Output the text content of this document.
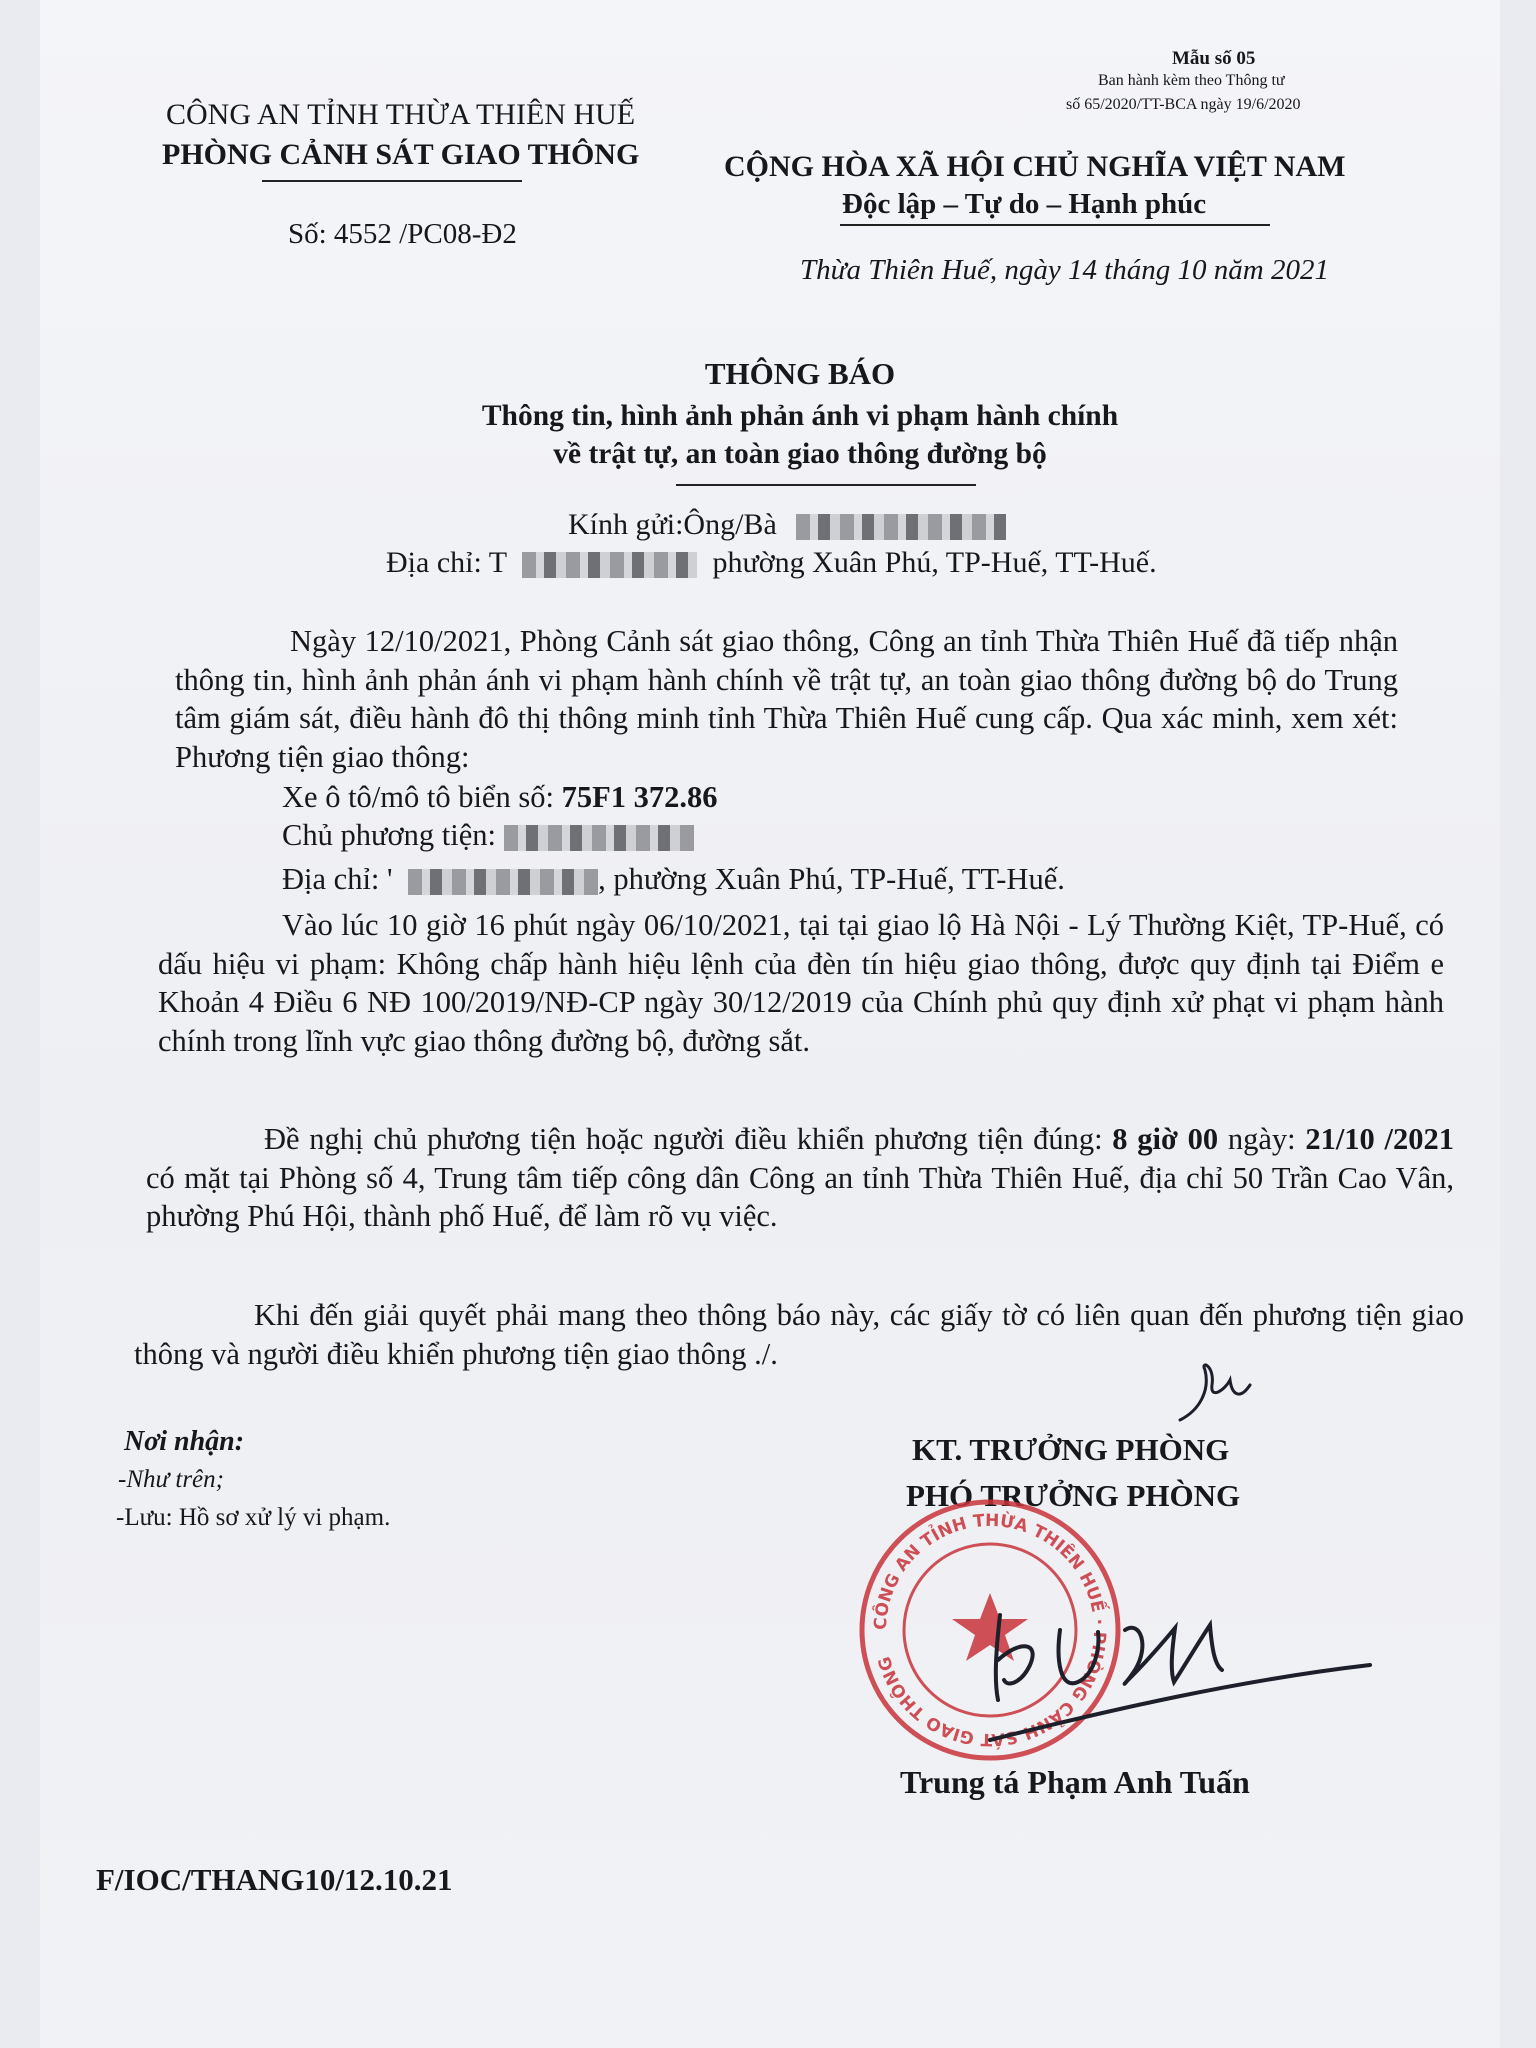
Mẫu số 05
Ban hành kèm theo Thông tư
số 65/2020/TT-BCA ngày 19/6/2020
CÔNG AN TỈNH THỪA THIÊN HUẾ
PHÒNG CẢNH SÁT GIAO THÔNG
Số: 4552 /PC08-Đ2
CỘNG HÒA XÃ HỘI CHỦ NGHĨA VIỆT NAM
Độc lập – Tự do – Hạnh phúc
Thừa Thiên Huế, ngày 14 tháng 10 năm 2021
THÔNG BÁO
Thông tin, hình ảnh phản ánh vi phạm hành chính
về trật tự, an toàn giao thông đường bộ
Kính gửi:Ông/Bà
Địa chỉ: T	phường Xuân Phú, TP-Huế, TT-Huế.

Ngày 12/10/2021, Phòng Cảnh sát giao thông, Công an tỉnh Thừa Thiên Huế đã tiếp nhận thông tin, hình ảnh phản ánh vi phạm hành chính về trật tự, an toàn giao thông đường bộ do Trung tâm giám sát, điều hành đô thị thông minh tỉnh Thừa Thiên Huế cung cấp. Qua xác minh, xem xét: Phương tiện giao thông:

Xe ô tô/mô tô biển số: 75F1 372.86
Chủ phương tiện:
Địa chỉ: '	, phường Xuân Phú, TP-Huế, TT-Huế.

Vào lúc 10 giờ 16 phút ngày 06/10/2021, tại tại giao lộ Hà Nội - Lý Thường Kiệt, TP-Huế, có dấu hiệu vi phạm: Không chấp hành hiệu lệnh của đèn tín hiệu giao thông, được quy định tại Điểm e Khoản 4 Điều 6 NĐ 100/2019/NĐ-CP ngày 30/12/2019 của Chính phủ quy định xử phạt vi phạm hành chính trong lĩnh vực giao thông đường bộ, đường sắt.

Đề nghị chủ phương tiện hoặc người điều khiển phương tiện đúng: 8 giờ 00 ngày: 21/10 /2021 có mặt tại Phòng số 4, Trung tâm tiếp công dân Công an tỉnh Thừa Thiên Huế, địa chỉ 50 Trần Cao Vân, phường Phú Hội, thành phố Huế, để làm rõ vụ việc.

Khi đến giải quyết phải mang theo thông báo này, các giấy tờ có liên quan đến phương tiện giao thông và người điều khiển phương tiện giao thông ./.

Nơi nhận:
-Như trên;
-Lưu: Hồ sơ xử lý vi phạm.
KT. TRƯỞNG PHÒNG
PHÓ TRƯỞNG PHÒNG
CÔNG AN TỈNH THỪA THIÊN HUẾ · PHÒNG CẢNH SÁT GIAO THÔNG
Trung tá Phạm Anh Tuấn
F/IOC/THANG10/12.10.21
